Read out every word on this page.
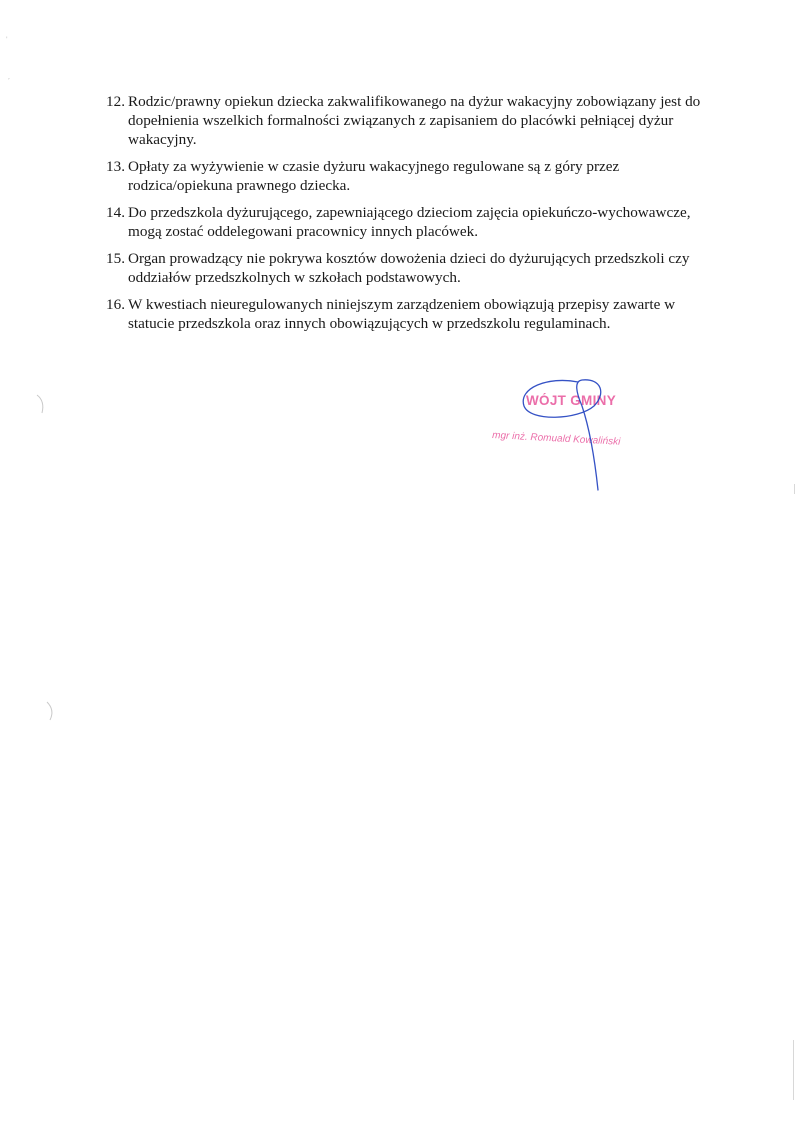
'
,
12. Rodzic/prawny opiekun dziecka zakwalifikowanego na dyżur wakacyjny zobowiązany jest do dopełnienia wszelkich formalności związanych z zapisaniem do placówki pełniącej dyżur wakacyjny.
13. Opłaty za wyżywienie w czasie dyżuru wakacyjnego regulowane są z góry przez rodzica/opiekuna prawnego dziecka.
14. Do przedszkola dyżurującego, zapewniającego dzieciom zajęcia opiekuńczo-wychowawcze, mogą zostać oddelegowani pracownicy innych placówek.
15. Organ prowadzący nie pokrywa kosztów dowożenia dzieci do dyżurujących przedszkoli czy oddziałów przedszkolnych w szkołach podstawowych.
16. W kwestiach nieuregulowanych niniejszym zarządzeniem obowiązują przepisy zawarte w statucie przedszkola oraz innych obowiązujących w przedszkolu regulaminach.
WÓJT GMINY
mgr inż. Romuald Kowaliński
